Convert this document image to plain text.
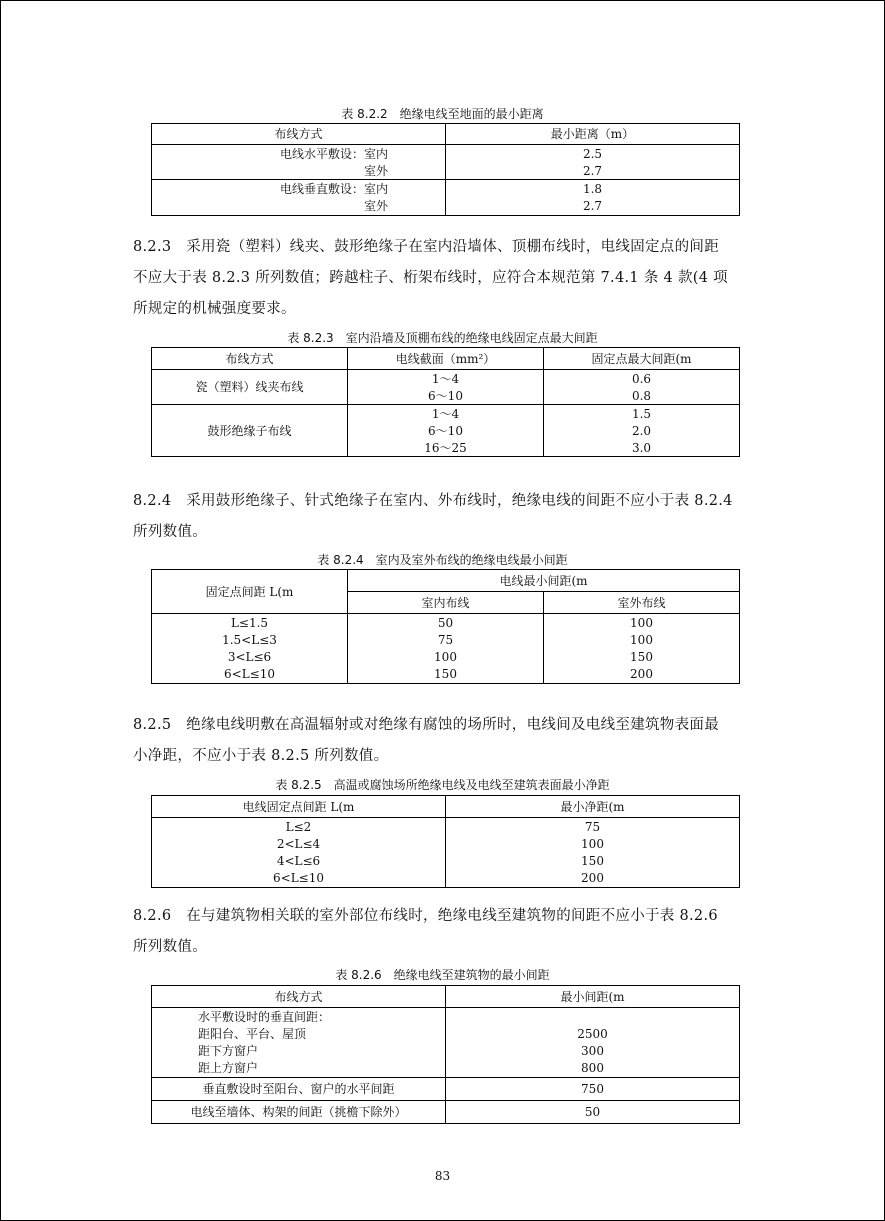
表 8.2.2　绝缘电线至地面的最小距离
布线方式	最小距离（m）
电线水平敷设：室内	2.5
室外	2.7
电线垂直敷设：室内	1.8
室外	2.7
8.2.3　采用瓷（塑料）线夹、鼓形绝缘子在室内沿墙体、顶棚布线时，电线固定点的间距
不应大于表 8.2.3 所列数值；跨越柱子、桁架布线时，应符合本规范第 7.4.1 条 4 款(4 项
所规定的机械强度要求。
表 8.2.3　室内沿墙及顶棚布线的绝缘电线固定点最大间距
布线方式	电线截面（mm²）	固定点最大间距(m
瓷（塑料）线夹布线	1～4	0.6
	6～10	0.8
鼓形绝缘子布线	1～4	1.5
	6～10	2.0
	16～25	3.0
8.2.4　采用鼓形绝缘子、针式绝缘子在室内、外布线时，绝缘电线的间距不应小于表 8.2.4
所列数值。
表 8.2.4　室内及室外布线的绝缘电线最小间距
固定点间距 L(m	电线最小间距(m	
	室内布线	室外布线
L≤1.5	50	100
1.5<L≤3	75	100
3<L≤6	100	150
6<L≤10	150	200
8.2.5　绝缘电线明敷在高温辐射或对绝缘有腐蚀的场所时，电线间及电线至建筑物表面最
小净距，不应小于表 8.2.5 所列数值。
表 8.2.5　高温或腐蚀场所绝缘电线及电线至建筑表面最小净距
电线固定点间距 L(m	最小净距(m
L≤2	75
2<L≤4	100
4<L≤6	150
6<L≤10	200
8.2.6　在与建筑物相关联的室外部位布线时，绝缘电线至建筑物的间距不应小于表 8.2.6
所列数值。
表 8.2.6　绝缘电线至建筑物的最小间距
布线方式	最小间距(m
水平敷设时的垂直间距：	
距阳台、平台、屋顶	2500
距下方窗户	300
距上方窗户	800
垂直敷设时至阳台、窗户的水平间距	750
电线至墙体、构架的间距（挑檐下除外）	50
83
